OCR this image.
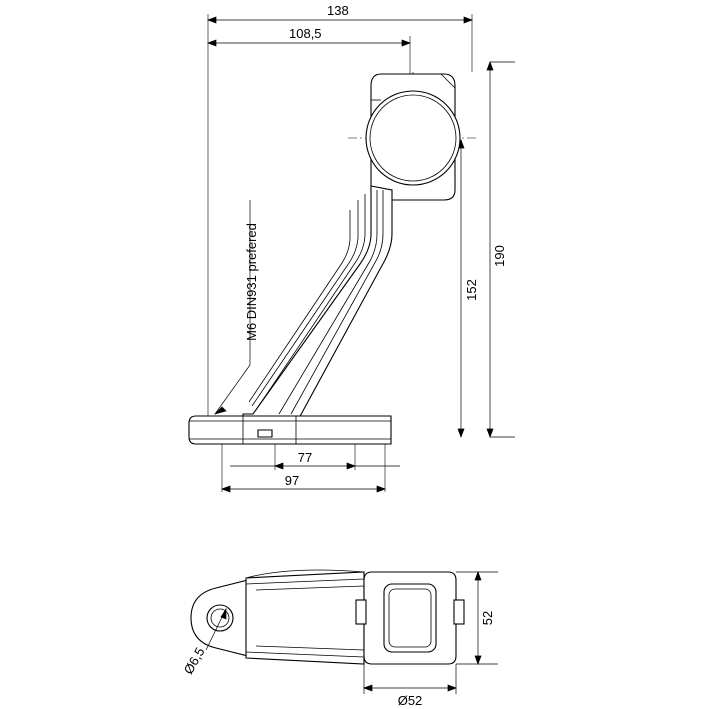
138
108,5
190
152
77
97
M6 DIN931 prefered
52
Ø52
Ø6,5
